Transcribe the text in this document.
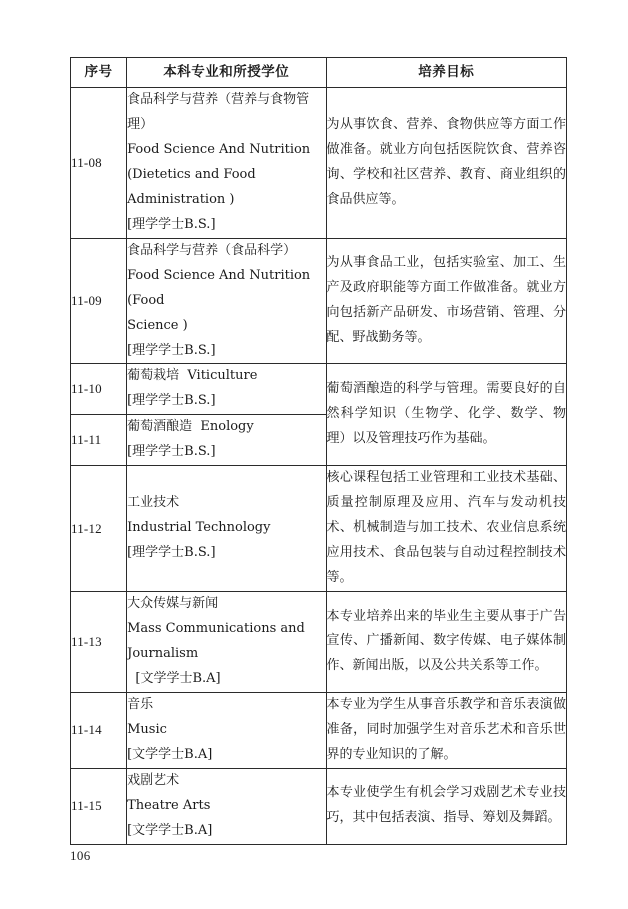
序号	本科专业和所授学位	培养目标
11-08	食品科学与营养（营养与食物管理）
Food Science And Nutrition
(Dietetics and Food
Administration )
[理学学士B.S.]	为从事饮食、营养、食物供应等方面工作做准备。就业方向包括医院饮食、营养咨询、学校和社区营养、教育、商业组织的食品供应等。

11-09	食品科学与营养（食品科学）
Food Science And Nutrition   (Food
Science )
[理学学士B.S.]	为从事食品工业，包括实验室、加工、生产及政府职能等方面工作做准备。就业方向包括新产品研发、市场营销、管理、分配、野战勤务等。

11-10	葡萄栽培  Viticulture
[理学学士B.S.]	葡萄酒酿造的科学与管理。需要良好的自然科学知识（生物学、化学、数学、物理）以及管理技巧作为基础。

11-11	葡萄酒酿造  Enology
[理学学士B.S.]	

11-12	工业技术
Industrial Technology
[理学学士B.S.]	核心课程包括工业管理和工业技术基础、质量控制原理及应用、汽车与发动机技术、机械制造与加工技术、农业信息系统应用技术、食品包装与自动过程控制技术等。

11-13	大众传媒与新闻
Mass Communications and
Journalism
[文学学士B.A]	本专业培养出来的毕业生主要从事于广告宣传、广播新闻、数字传媒、电子媒体制作、新闻出版，以及公共关系等工作。

11-14	音乐
Music
[文学学士B.A]	本专业为学生从事音乐教学和音乐表演做准备，同时加强学生对音乐艺术和音乐世界的专业知识的了解。

11-15	戏剧艺术
Theatre Arts
[文学学士B.A]	本专业使学生有机会学习戏剧艺术专业技巧，其中包括表演、指导、筹划及舞蹈。
106
